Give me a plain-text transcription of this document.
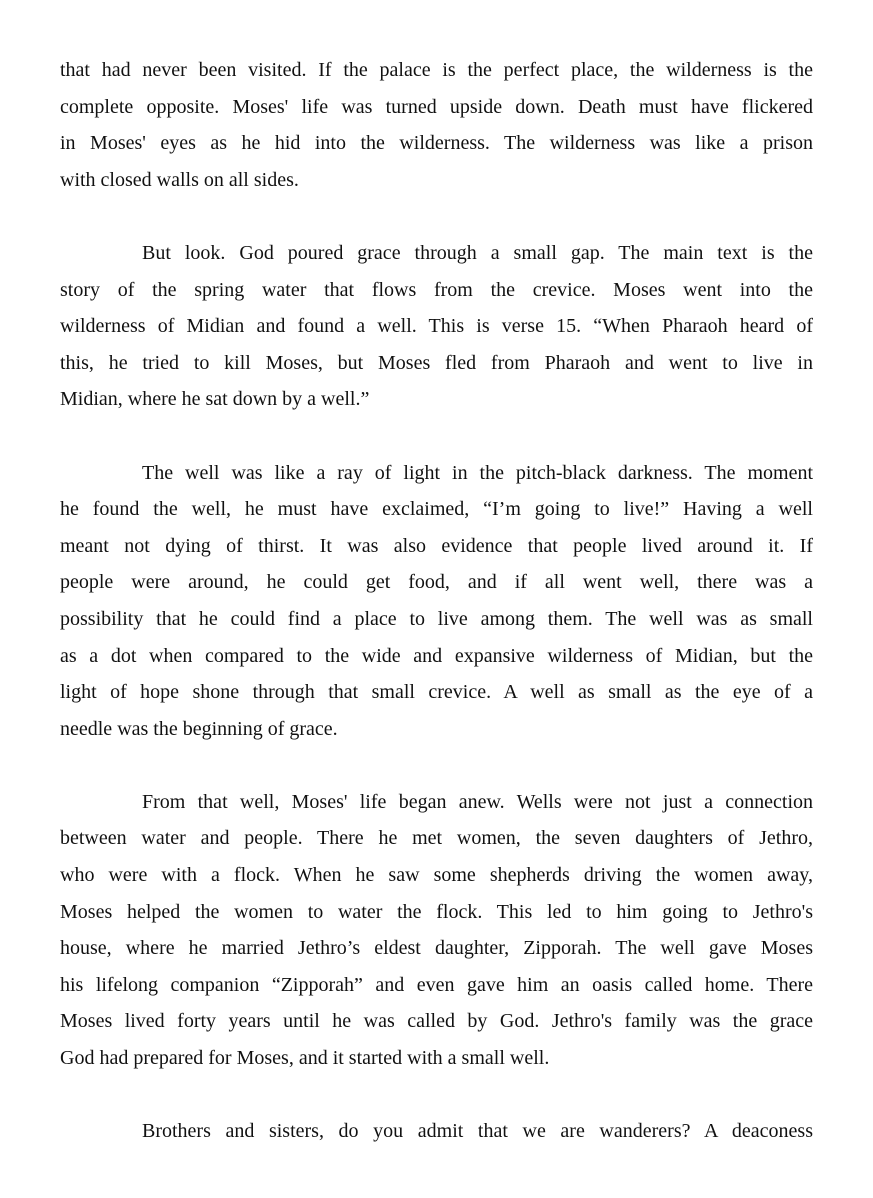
that had never been visited. If the palace is the perfect place, the wilderness is the
complete opposite. Moses' life was turned upside down. Death must have flickered
in Moses' eyes as he hid into the wilderness. The wilderness was like a prison
with closed walls on all sides.
But look. God poured grace through a small gap. The main text is the
story of the spring water that flows from the crevice. Moses went into the
wilderness of Midian and found a well. This is verse 15. “When Pharaoh heard of
this, he tried to kill Moses, but Moses fled from Pharaoh and went to live in
Midian, where he sat down by a well.”
The well was like a ray of light in the pitch-black darkness. The moment
he found the well, he must have exclaimed, “I’m going to live!” Having a well
meant not dying of thirst. It was also evidence that people lived around it. If
people were around, he could get food, and if all went well, there was a
possibility that he could find a place to live among them. The well was as small
as a dot when compared to the wide and expansive wilderness of Midian, but the
light of hope shone through that small crevice. A well as small as the eye of a
needle was the beginning of grace.
From that well, Moses' life began anew. Wells were not just a connection
between water and people. There he met women, the seven daughters of Jethro,
who were with a flock. When he saw some shepherds driving the women away,
Moses helped the women to water the flock. This led to him going to Jethro's
house, where he married Jethro’s eldest daughter, Zipporah. The well gave Moses
his lifelong companion “Zipporah” and even gave him an oasis called home. There
Moses lived forty years until he was called by God. Jethro's family was the grace
God had prepared for Moses, and it started with a small well.
Brothers and sisters, do you admit that we are wanderers? A deaconess
